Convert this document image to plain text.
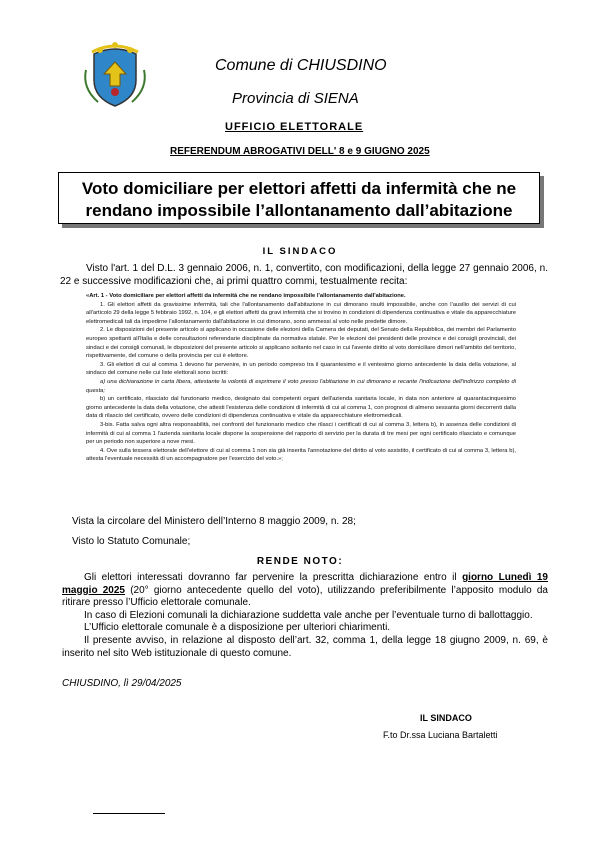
Comune di CHIUSDINO
Provincia di SIENA
UFFICIO ELETTORALE
REFERENDUM ABROGATIVI DELL' 8 e 9 GIUGNO 2025
Voto domiciliare per elettori affetti da infermità che ne
rendano impossibile l’allontanamento dall’abitazione
IL SINDACO
Visto l'art. 1 del D.L. 3 gennaio 2006, n. 1, convertito, con modificazioni, della legge 27 gennaio 2006, n. 22 e successive modificazioni che, ai primi quattro commi, testualmente recita:

«Art. 1 - Voto domiciliare per elettori affetti da infermità che ne rendano impossibile l'allontanamento dall'abitazione.

1. Gli elettori affetti da gravissime infermità, tali che l'allontanamento dall'abitazione in cui dimorano risulti impossibile, anche con l'ausilio dei servizi di cui all'articolo 29 della legge 5 febbraio 1992, n. 104, e gli elettori affetti da gravi infermità che si trovino in condizioni di dipendenza continuativa e vitale da apparecchiature elettromedicali tali da impedirne l'allontanamento dall'abitazione in cui dimorano, sono ammessi al voto nelle predette dimore.

2. Le disposizioni del presente articolo si applicano in occasione delle elezioni della Camera dei deputati, del Senato della Repubblica, dei membri del Parlamento europeo spettanti all'Italia e delle consultazioni referendarie disciplinate da normativa statale. Per le elezioni dei presidenti delle province e dei consigli provinciali, dei sindaci e dei consigli comunali, le disposizioni del presente articolo si applicano soltanto nel caso in cui l'avente diritto al voto domiciliare dimori nell'ambito del territorio, rispettivamente, del comune o della provincia per cui è elettore.

3. Gli elettori di cui al comma 1 devono far pervenire, in un periodo compreso tra il quarantesimo e il ventesimo giorno antecedente la data della votazione, al sindaco del comune nelle cui liste elettorali sono iscritti:

a) una dichiarazione in carta libera, attestante la volontà di esprimere il voto presso l'abitazione in cui dimorano e recante l'indicazione dell'indirizzo completo di questa;

b) un certificato, rilasciato dal funzionario medico, designato dai competenti organi dell'azienda sanitaria locale, in data non anteriore al quarantacinquesimo giorno antecedente la data della votazione, che attesti l'esistenza delle condizioni di infermità di cui al comma 1, con prognosi di almeno sessanta giorni decorrenti dalla data di rilascio del certificato, ovvero delle condizioni di dipendenza continuativa e vitale da apparecchiature elettromedicali.

3-bis. Fatta salva ogni altra responsabilità, nei confronti del funzionario medico che rilasci i certificati di cui al comma 3, lettera b), in assenza delle condizioni di infermità di cui al comma 1 l'azienda sanitaria locale dispone la sospensione del rapporto di servizio per la durata di tre mesi per ogni certificato rilasciato e comunque per un periodo non superiore a nove mesi.

4. Ove sulla tessera elettorale dell'elettore di cui al comma 1 non sia già inserita l'annotazione del diritto al voto assistito, il certificato di cui al comma 3, lettera b), attesta l'eventuale necessità di un accompagnatore per l'esercizio del voto.»;

Vista la circolare del Ministero dell’Interno 8 maggio 2009, n. 28;
Visto lo Statuto Comunale;
RENDE NOTO:

Gli elettori interessati dovranno far pervenire la prescritta dichiarazione entro il giorno Lunedì 19 maggio 2025 (20° giorno antecedente quello del voto), utilizzando preferibilmente l’apposito modulo da ritirare presso l’Ufficio elettorale comunale.

In caso di Elezioni comunali la dichiarazione suddetta vale anche per l’eventuale turno di ballottaggio.

L’Ufficio elettorale comunale è a disposizione per ulteriori chiarimenti.

Il presente avviso, in relazione al disposto dell’art. 32, comma 1, della legge 18 giugno 2009, n. 69, è inserito nel sito Web istituzionale di questo comune.

CHIUSDINO, lì 29/04/2025
IL SINDACO
F.to Dr.ssa Luciana Bartaletti
